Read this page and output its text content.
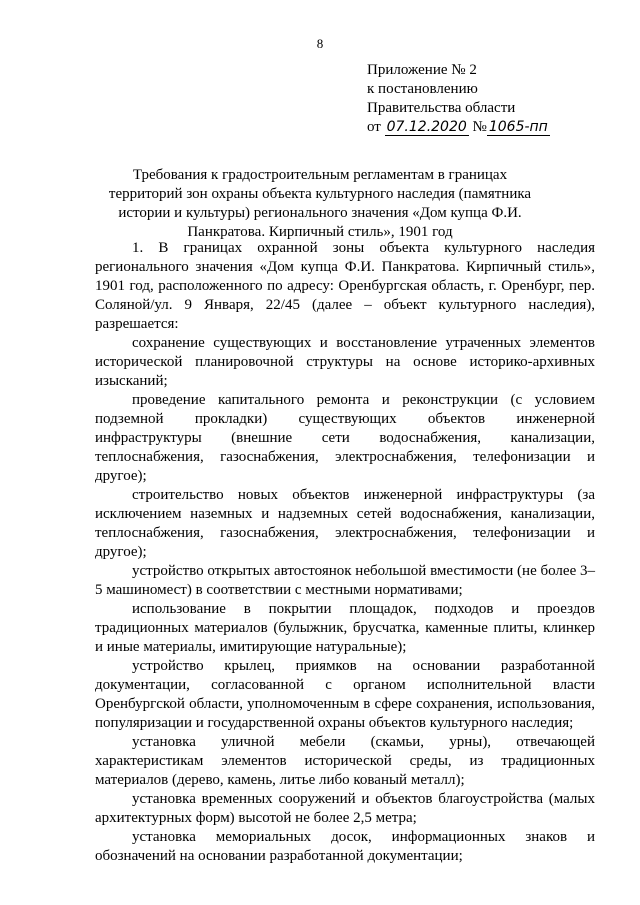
8
Приложение № 2
к постановлению
Правительства области
от 07.12.2020 № 1065-пп
Требования к градостроительным регламентам в границах территорий зон охраны объекта культурного наследия (памятника истории и культуры) регионального значения «Дом купца Ф.И. Панкратова. Кирпичный стиль», 1901 год

1. В границах охранной зоны объекта культурного наследия регионального значения «Дом купца Ф.И. Панкратова. Кирпичный стиль», 1901 год, расположенного по адресу: Оренбургская область, г. Оренбург, пер. Соляной/ул. 9 Января, 22/45 (далее – объект культурного наследия), разрешается:

сохранение существующих и восстановление утраченных элементов исторической планировочной структуры на основе историко-архивных изысканий;

проведение капитального ремонта и реконструкции (с условием подземной прокладки) существующих объектов инженерной инфраструктуры (внешние сети водоснабжения, канализации, теплоснабжения, газоснабжения, электроснабжения, телефонизации и другое);

строительство новых объектов инженерной инфраструктуры (за исключением наземных и надземных сетей водоснабжения, канализации, теплоснабжения, газоснабжения, электроснабжения, телефонизации и другое);

устройство открытых автостоянок небольшой вместимости (не более 3–5 машиномест) в соответствии с местными нормативами;

использование в покрытии площадок, подходов и проездов традиционных материалов (булыжник, брусчатка, каменные плиты, клинкер и иные материалы, имитирующие натуральные);

устройство крылец, приямков на основании разработанной документации, согласованной с органом исполнительной власти Оренбургской области, уполномоченным в сфере сохранения, использования, популяризации и государственной охраны объектов культурного наследия;

установка уличной мебели (скамьи, урны), отвечающей характеристикам элементов исторической среды, из традиционных материалов (дерево, камень, литье либо кованый металл);

установка временных сооружений и объектов благоустройства (малых архитектурных форм) высотой не более 2,5 метра;

установка мемориальных досок, информационных знаков и обозначений на основании разработанной документации;
